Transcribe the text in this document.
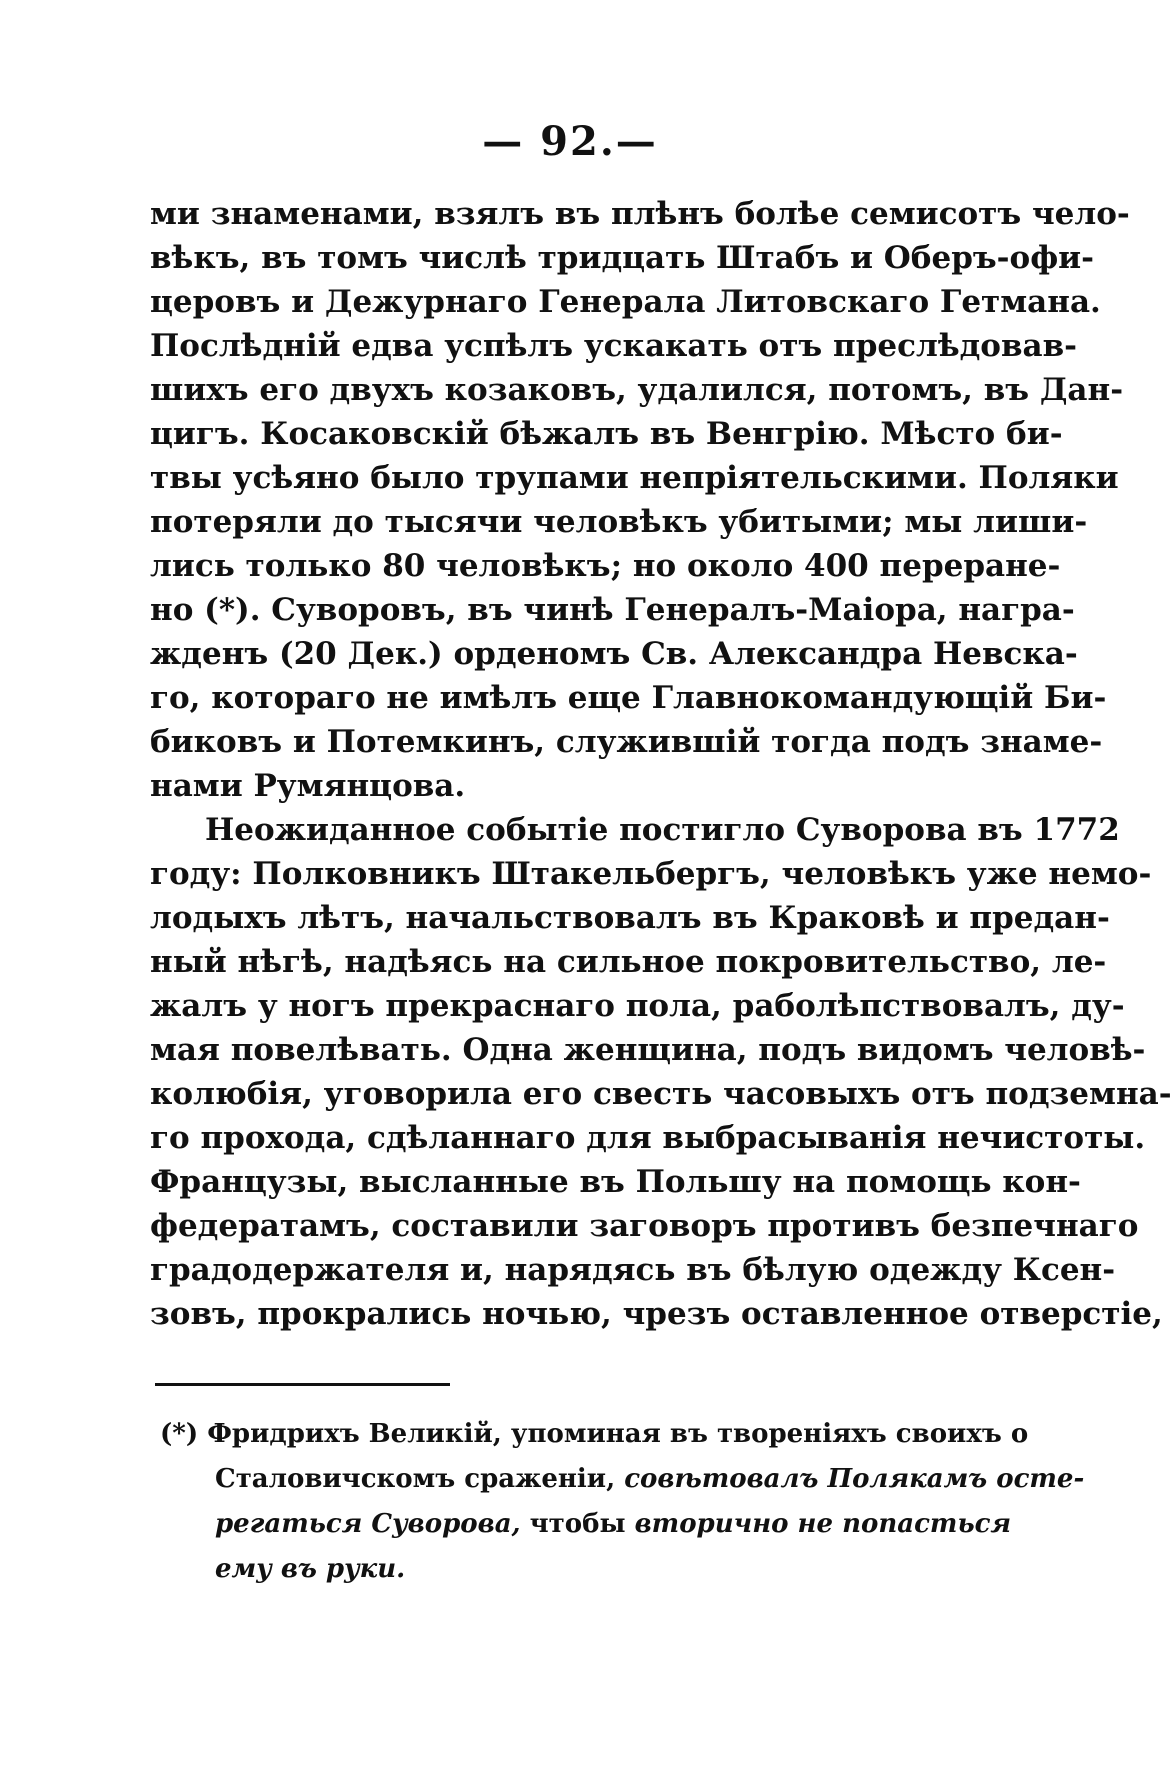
— 92.—
ми знаменами, взялъ въ плѣнъ болѣе семисотъ чело-
вѣкъ, въ томъ числѣ тридцать Штабъ и Оберъ-офи-
церовъ и Дежурнаго Генерала Литовскаго Гетмана.
Послѣдній едва успѣлъ ускакать отъ преслѣдовав-
шихъ его двухъ козаковъ, удалился, потомъ, въ Дан-
цигъ. Косаковскій бѣжалъ въ Венгрію. Мѣсто би-
твы усѣяно было трупами непріятельскими. Поляки
потеряли до тысячи человѣкъ убитыми; мы лиши-
лись только 80 человѣкъ; но около 400 переране-
но (*). Суворовъ, въ чинѣ Генералъ-Маіора, награ-
жденъ (20 Дек.) орденомъ Св. Александра Невска-
го, котораго не имѣлъ еще Главнокомандующій Би-
биковъ и Потемкинъ, служившій тогда подъ знаме-
нами Румянцова.
Неожиданное событіе постигло Суворова въ 1772
году: Полковникъ Штакельбергъ, человѣкъ уже немо-
лодыхъ лѣтъ, начальствовалъ въ Краковѣ и предан-
ный нѣгѣ, надѣясь на сильное покровительство, ле-
жалъ у ногъ прекраснаго пола, раболѣпствовалъ, ду-
мая повелѣвать. Одна женщина, подъ видомъ человѣ-
колюбія, уговорила его свесть часовыхъ отъ подземна-
го прохода, сдѣланнаго для выбрасыванія нечистоты.
Французы, высланные въ Польшу на помощь кон-
федератамъ, составили заговоръ противъ безпечнаго
градодержателя и, нарядясь въ бѣлую одежду Ксен-
зовъ, прокрались ночью, чрезъ оставленное отверстіе,
(*) Фридрихъ Великій, упоминая въ твореніяхъ своихъ о
Сталовичскомъ сраженіи, совѣтовалъ Полякамъ осте-
регаться Суворова, чтобы вторично не попасться
ему въ руки.
